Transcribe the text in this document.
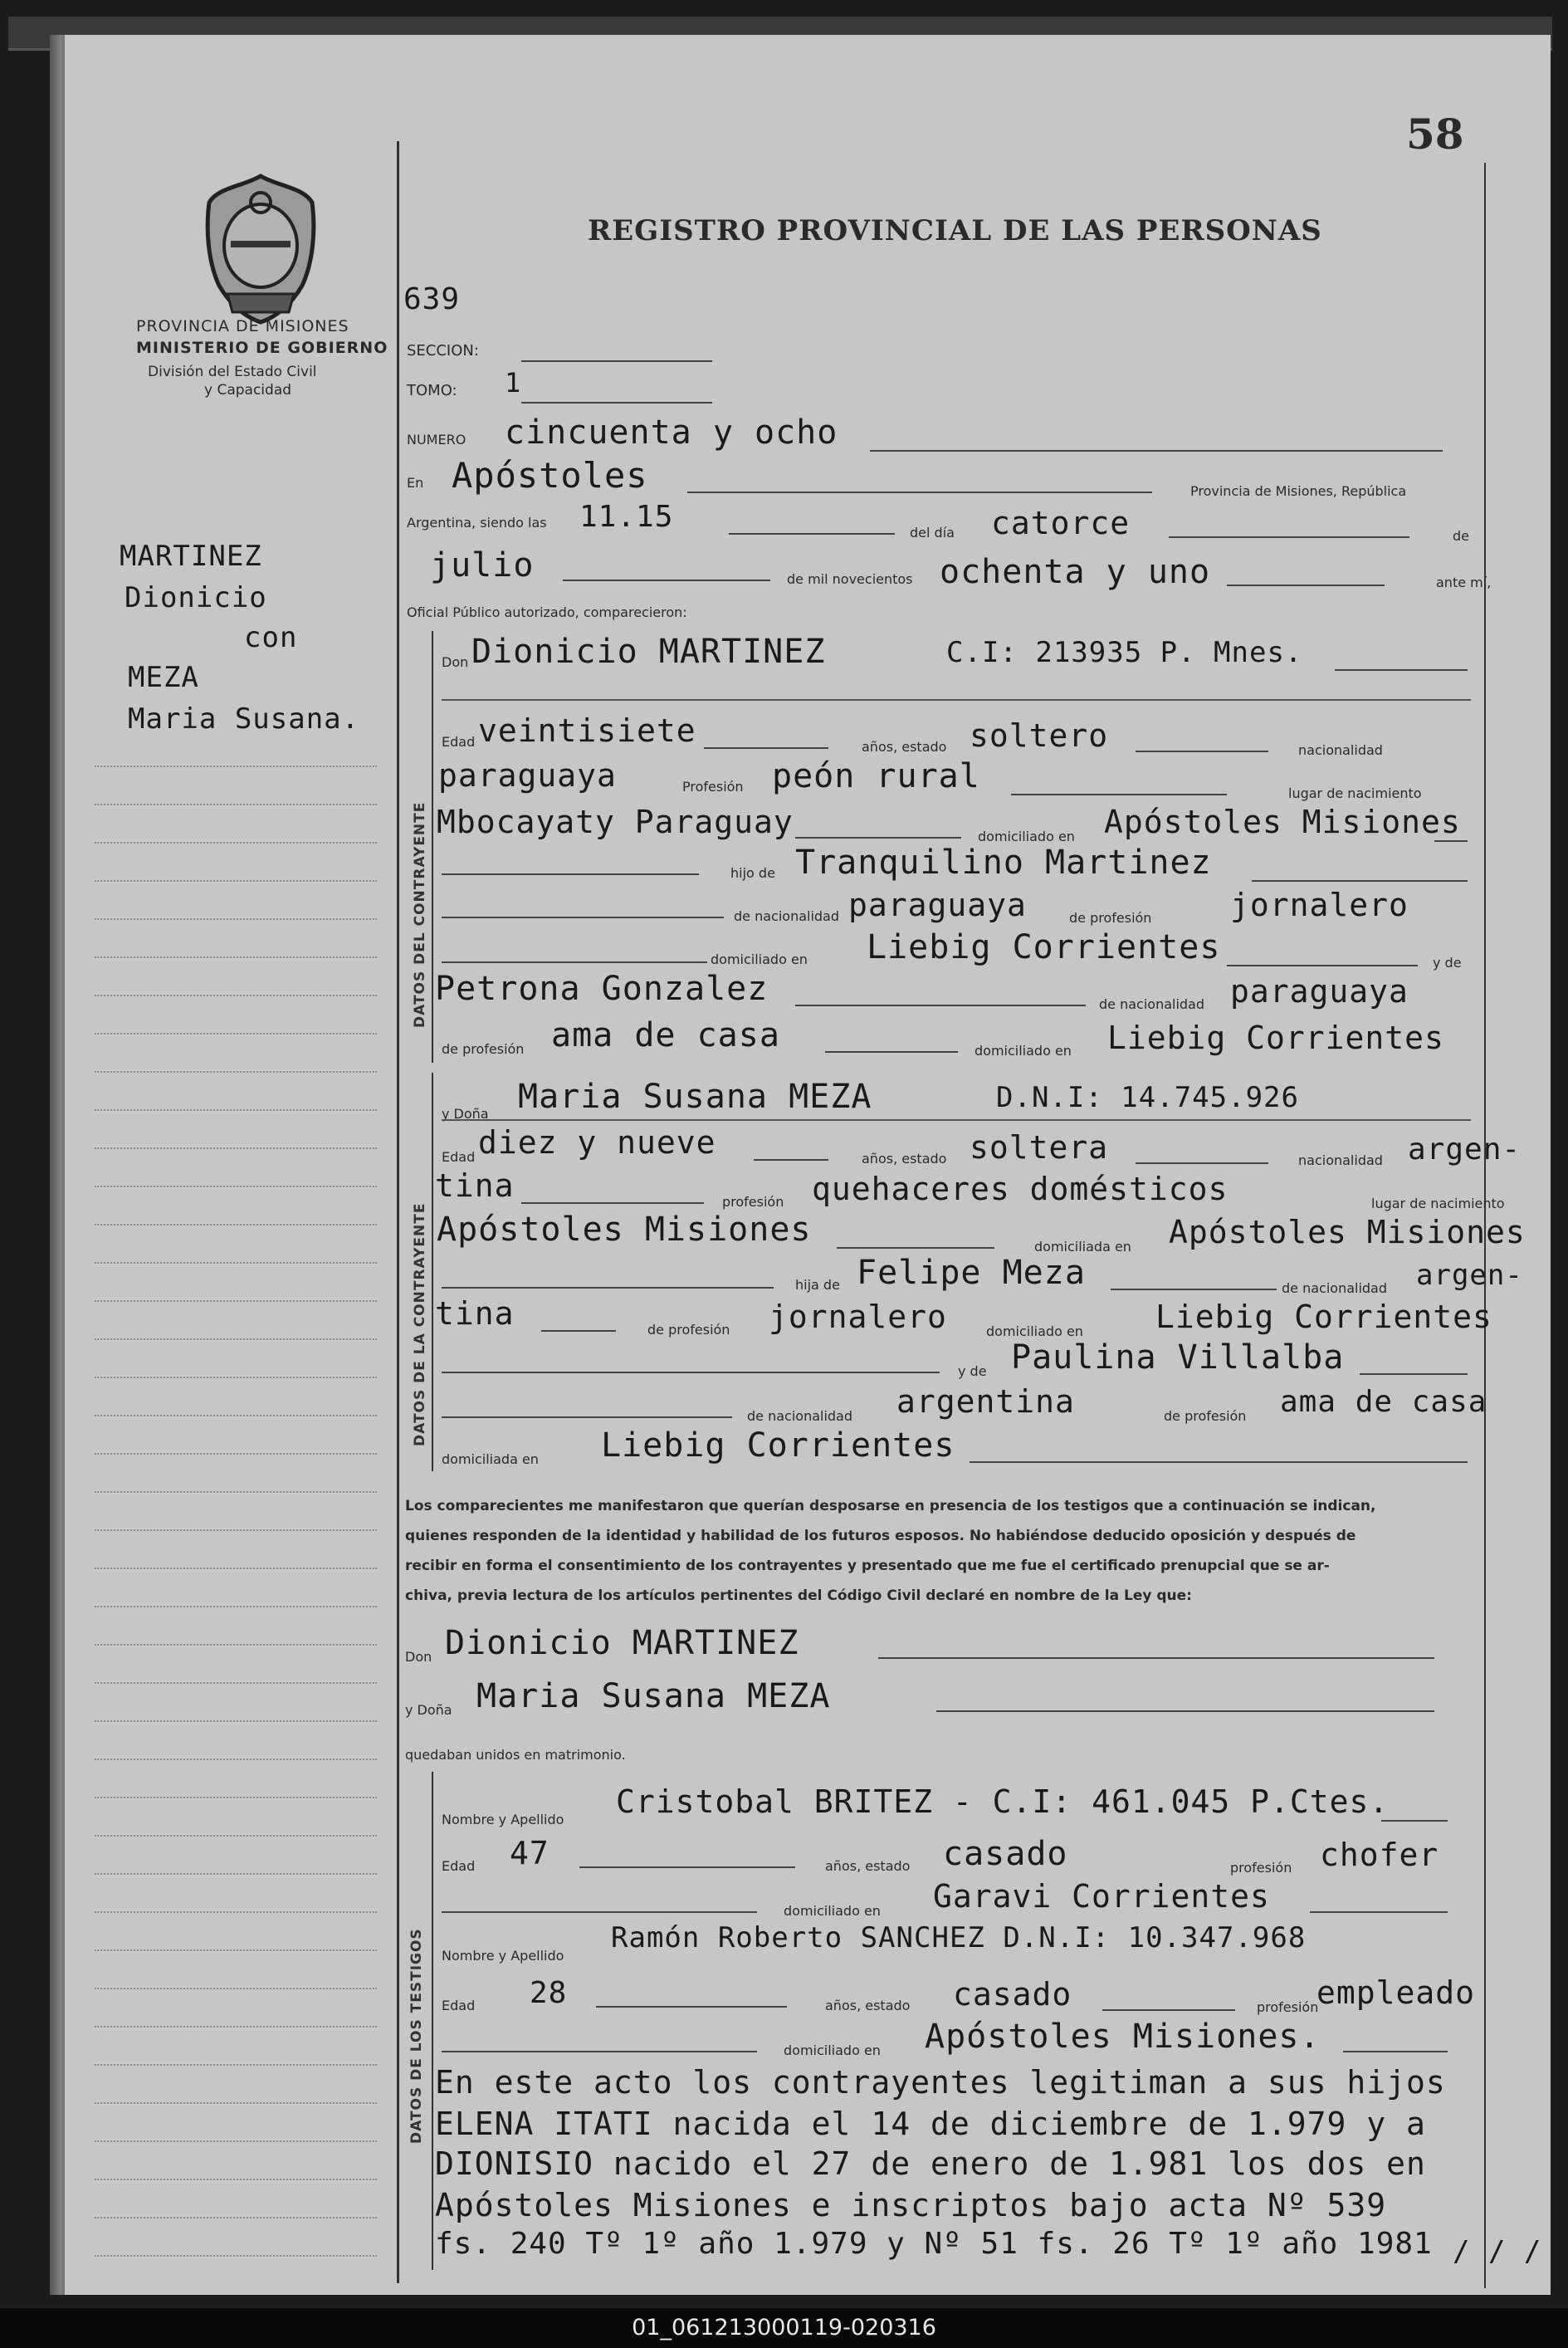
58
PROVINCIA DE MISIONES
MINISTERIO DE GOBIERNO
División del Estado Civil
y Capacidad
REGISTRO PROVINCIAL DE LAS PERSONAS
639
MARTINEZ
Dionicio
con
MEZA
Maria Susana.
SECCION:
TOMO: 1
NUMERO cincuenta y ocho
En Apóstoles	Provincia de Misiones, República
Argentina, siendo las 11.15	del día catorce	de
julio	de mil novecientos ochenta y uno	ante mí,
Oficial Público autorizado, comparecieron:
DATOS DEL CONTRAYENTE
Don Dionicio MARTINEZ	C.I: 213935 P. Mnes.
Edad veintisiete	años, estado soltero	nacionalidad
paraguaya	Profesión peón rural	lugar de nacimiento
Mbocayaty Paraguay	domiciliado en Apóstoles Misiones
hijo de Tranquilino Martinez
de nacionalidad paraguaya	de profesión jornalero
domiciliado en Liebig Corrientes	y de
Petrona Gonzalez	de nacionalidad paraguaya
de profesión ama de casa	domiciliado en Liebig Corrientes
DATOS DE LA CONTRAYENTE
y Doña Maria Susana MEZA	D.N.I: 14.745.926
Edad diez y nueve	años, estado soltera	nacionalidad argen-
tina	profesión quehaceres domésticos	lugar de nacimiento
Apóstoles Misiones	domiciliada en Apóstoles Misiones
hija de Felipe Meza	de nacionalidad argen-
tina	de profesión jornalero	domiciliado en Liebig Corrientes
y de Paulina Villalba
de nacionalidad argentina	de profesión ama de casa
domiciliada en Liebig Corrientes
Los comparecientes me manifestaron que querían desposarse en presencia de los testigos que a continuación se indican,
quienes responden de la identidad y habilidad de los futuros esposos. No habiéndose deducido oposición y después de
recibir en forma el consentimiento de los contrayentes y presentado que me fue el certificado prenupcial que se ar-
chiva, previa lectura de los artículos pertinentes del Código Civil declaré en nombre de la Ley que:
Don Dionicio MARTINEZ
y Doña Maria Susana MEZA
quedaban unidos en matrimonio.
DATOS DE LOS TESTIGOS
Nombre y Apellido Cristobal BRITEZ - C.I: 461.045 P.Ctes.
Edad 47	años, estado casado	profesión chofer
domiciliado en Garavi Corrientes
Nombre y Apellido
Ramón Roberto SANCHEZ D.N.I: 10.347.968
Edad 28	años, estado casado	profesión
empleado
domiciliado en Apóstoles Misiones.
En este acto los contrayentes legitiman a sus hijos
ELENA ITATI nacida el 14 de diciembre de 1.979 y a
DIONISIO nacido el 27 de enero de 1.981 los dos en
Apóstoles Misiones e inscriptos bajo acta Nº 539
fs. 240 Tº 1º año 1.979 y Nº 51 fs. 26 Tº 1º año 1981 / / /
01_061213000119-020316
